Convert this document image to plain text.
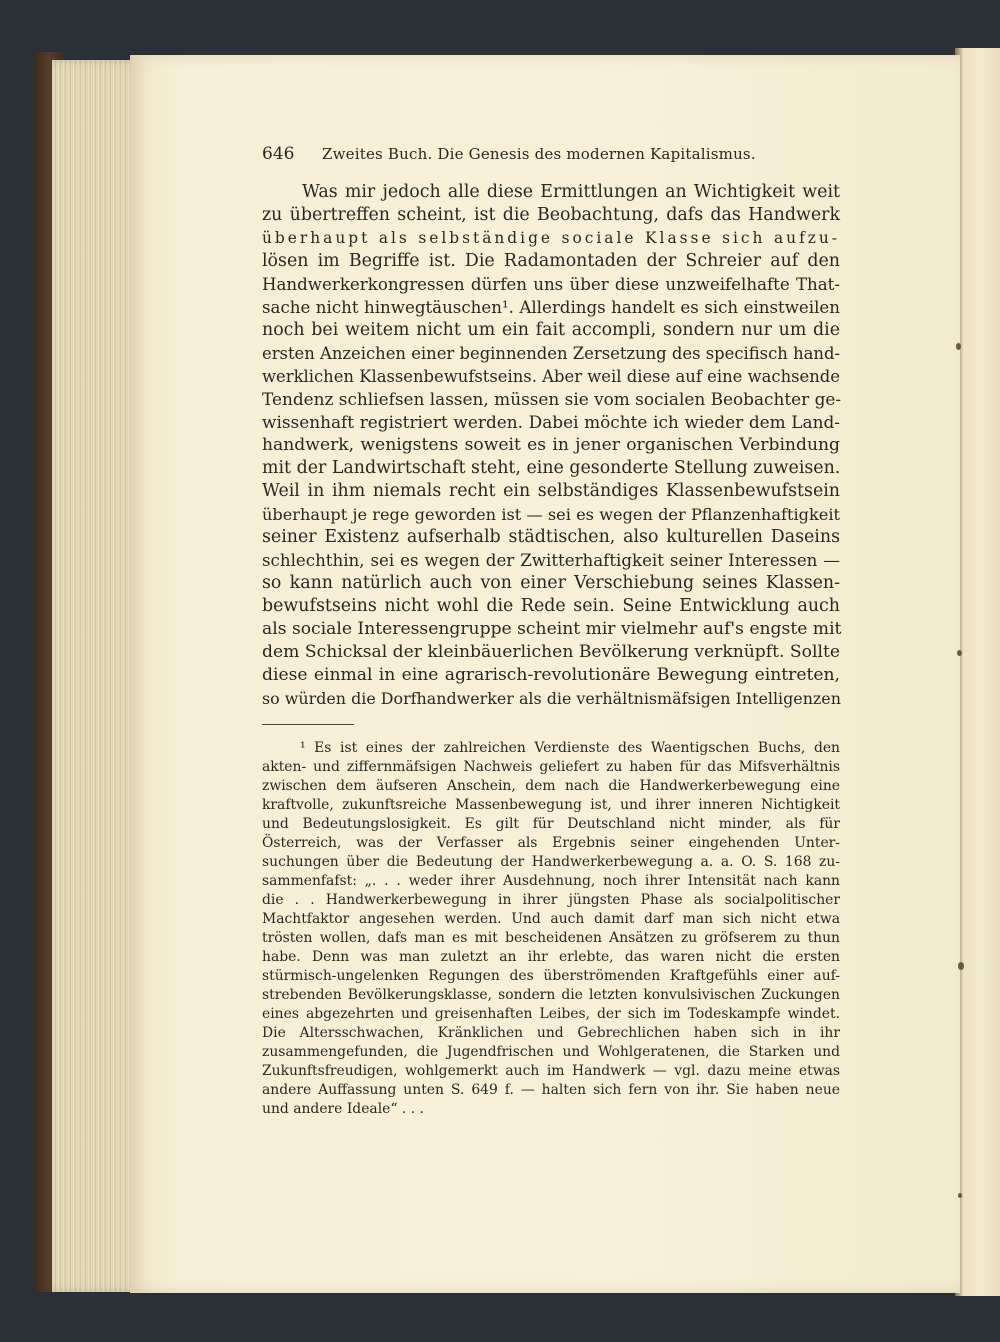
646 Zweites Buch. Die Genesis des modernen Kapitalismus.
Was mir jedoch alle diese Ermittlungen an Wichtigkeit weit
zu übertreffen scheint, ist die Beobachtung, dafs das Handwerk
überhaupt als selbständige sociale Klasse sich aufzu-
lösen im Begriffe ist. Die Radamontaden der Schreier auf den
Handwerkerkongressen dürfen uns über diese unzweifelhafte That-
sache nicht hinwegtäuschen¹. Allerdings handelt es sich einstweilen
noch bei weitem nicht um ein fait accompli, sondern nur um die
ersten Anzeichen einer beginnenden Zersetzung des specifisch hand-
werklichen Klassenbewufstseins. Aber weil diese auf eine wachsende
Tendenz schliefsen lassen, müssen sie vom socialen Beobachter ge-
wissenhaft registriert werden. Dabei möchte ich wieder dem Land-
handwerk, wenigstens soweit es in jener organischen Verbindung
mit der Landwirtschaft steht, eine gesonderte Stellung zuweisen.
Weil in ihm niemals recht ein selbständiges Klassenbewufstsein
überhaupt je rege geworden ist — sei es wegen der Pflanzenhaftigkeit
seiner Existenz aufserhalb städtischen, also kulturellen Daseins
schlechthin, sei es wegen der Zwitterhaftigkeit seiner Interessen —
so kann natürlich auch von einer Verschiebung seines Klassen-
bewufstseins nicht wohl die Rede sein. Seine Entwicklung auch
als sociale Interessengruppe scheint mir vielmehr auf's engste mit
dem Schicksal der kleinbäuerlichen Bevölkerung verknüpft. Sollte
diese einmal in eine agrarisch-revolutionäre Bewegung eintreten,
so würden die Dorfhandwerker als die verhältnismäfsigen Intelligenzen
¹ Es ist eines der zahlreichen Verdienste des Waentigschen Buchs, den
akten- und ziffernmäfsigen Nachweis geliefert zu haben für das Mifsverhältnis
zwischen dem äufseren Anschein, dem nach die Handwerkerbewegung eine
kraftvolle, zukunftsreiche Massenbewegung ist, und ihrer inneren Nichtigkeit
und Bedeutungslosigkeit. Es gilt für Deutschland nicht minder, als für
Österreich, was der Verfasser als Ergebnis seiner eingehenden Unter-
suchungen über die Bedeutung der Handwerkerbewegung a. a. O. S. 168 zu-
sammenfafst: „. . . weder ihrer Ausdehnung, noch ihrer Intensität nach kann
die . . Handwerkerbewegung in ihrer jüngsten Phase als socialpolitischer
Machtfaktor angesehen werden. Und auch damit darf man sich nicht etwa
trösten wollen, dafs man es mit bescheidenen Ansätzen zu gröfserem zu thun
habe. Denn was man zuletzt an ihr erlebte, das waren nicht die ersten
stürmisch-ungelenken Regungen des überströmenden Kraftgefühls einer auf-
strebenden Bevölkerungsklasse, sondern die letzten konvulsivischen Zuckungen
eines abgezehrten und greisenhaften Leibes, der sich im Todeskampfe windet.
Die Altersschwachen, Kränklichen und Gebrechlichen haben sich in ihr
zusammengefunden, die Jugendfrischen und Wohlgeratenen, die Starken und
Zukunftsfreudigen, wohlgemerkt auch im Handwerk — vgl. dazu meine etwas
andere Auffassung unten S. 649 f. — halten sich fern von ihr. Sie haben neue
und andere Ideale“ . . .
